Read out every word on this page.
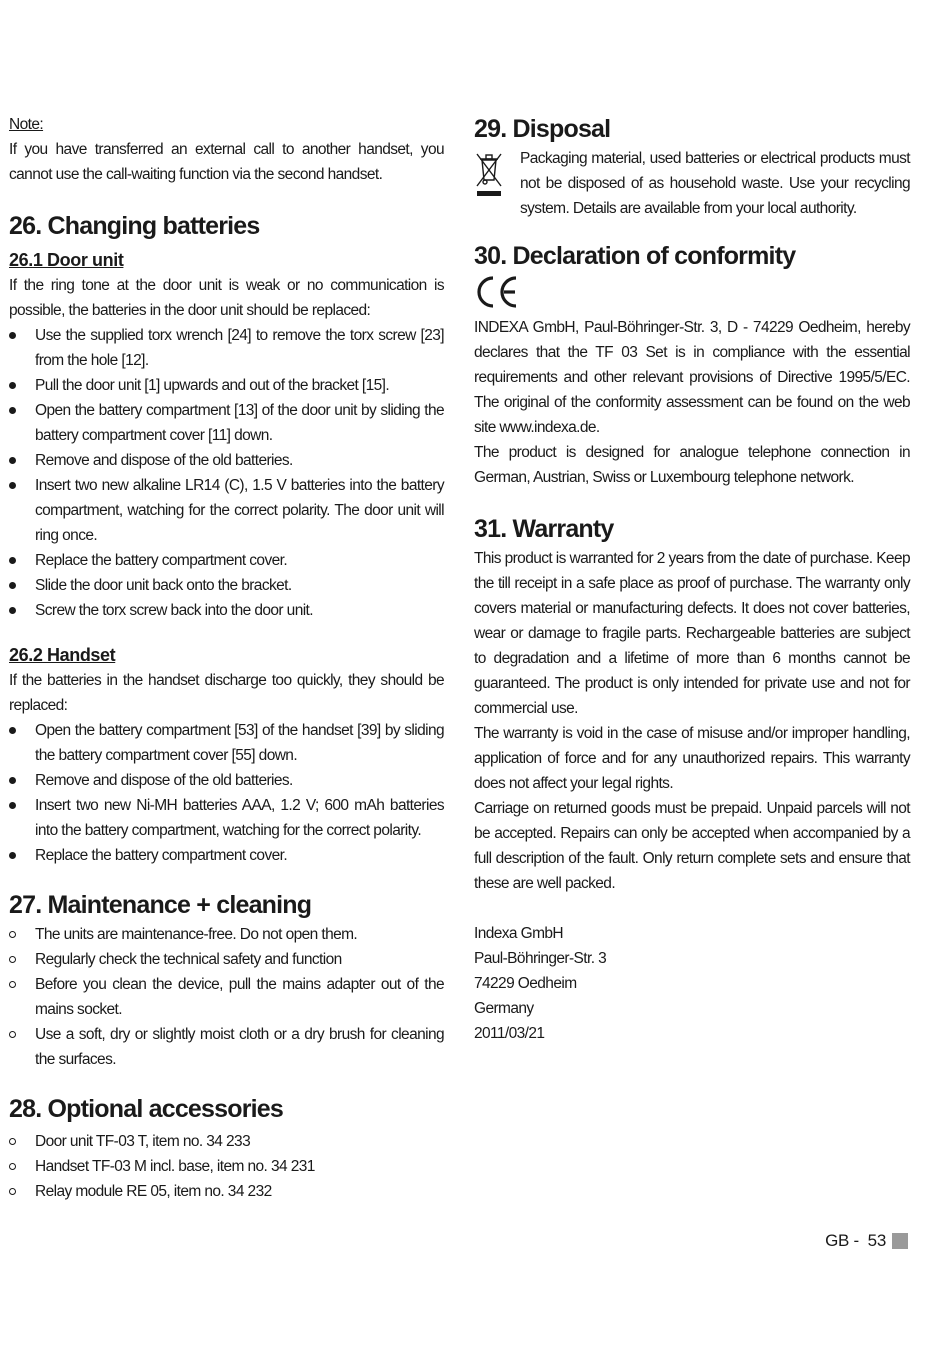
Note:
If you have transferred an external call to another handset, you cannot use the call-waiting function via the second handset.
26. Changing batteries
26.1 Door unit
If the ring tone at the door unit is weak or no communication is possible, the batteries in the door unit should be replaced:
Use the supplied torx wrench [24] to remove the torx screw [23] from the hole [12].
Pull the door unit [1] upwards and out of the bracket [15].
Open the battery compartment [13] of the door unit by sliding the battery compartment cover [11] down.
Remove and dispose of the old batteries.
Insert two new alkaline LR14 (C), 1.5 V batteries into the battery compartment, watching for the correct polarity. The door unit will ring once.
Replace the battery compartment cover.
Slide the door unit back onto the bracket.
Screw the torx screw back into the door unit.
26.2 Handset
If the batteries in the handset discharge too quickly, they should be replaced:
Open the battery compartment [53] of the handset [39] by sliding the battery compartment cover [55] down.
Remove and dispose of the old batteries.
Insert two new Ni-MH batteries AAA, 1.2 V; 600 mAh batteries into the battery compartment, watching for the correct polarity.
Replace the battery compartment cover.
27. Maintenance + cleaning
The units are maintenance-free. Do not open them.
Regularly check the technical safety and function
Before you clean the device, pull the mains adapter out of the mains socket.
Use a soft, dry or slightly moist cloth or a dry brush for cleaning the surfaces.
28. Optional accessories
Door unit TF-03 T, item no. 34 233
Handset TF-03 M incl. base, item no. 34 231
Relay module RE 05, item no. 34 232
29. Disposal
Packaging material, used batteries or electrical products must not be disposed of as household waste. Use your recycling system. Details are available from your local authority.
30. Declaration of conformity
INDEXA GmbH, Paul-Böhringer-Str. 3, D - 74229 Oedheim, hereby declares that the TF 03 Set is in compliance with the essential requirements and other relevant provisions of Directive 1995/5/EC. The original of the conformity assessment can be found on the web site www.indexa.de.
The product is designed for analogue telephone connection in German, Austrian, Swiss or Luxembourg telephone network.
31. Warranty
This product is warranted for 2 years from the date of purchase. Keep the till receipt in a safe place as proof of purchase. The warranty only covers material or manufacturing defects. It does not cover batteries, wear or damage to fragile parts. Rechargeable batteries are subject to degradation and a lifetime of more than 6 months cannot be guaranteed. The product is only intended for private use and not for commercial use.
The warranty is void in the case of misuse and/or improper handling, application of force and for any unauthorized repairs. This warranty does not affect your legal rights.
Carriage on returned goods must be prepaid. Unpaid parcels will not be accepted. Repairs can only be accepted when accompanied by a full description of the fault. Only return complete sets and ensure that these are well packed.
Indexa GmbH
Paul-Böhringer-Str. 3
74229 Oedheim
Germany
2011/03/21
GB -  53
